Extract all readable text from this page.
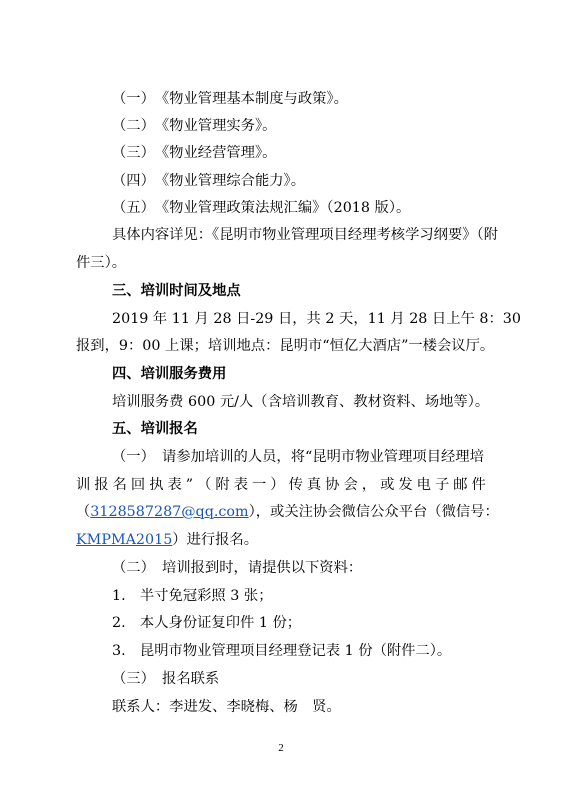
（一）　《物业管理基本制度与政策》。
（二）　《物业管理实务》。
（三）　《物业经营管理》。
（四）　《物业管理综合能力》。
（五）　《物业管理政策法规汇编》（2018 版）。
具体内容详见：《昆明市物业管理项目经理考核学习纲要》（附
件三）。
三、培训时间及地点
2019 年 11 月 28 日-29 日，共 2 天，11 月 28 日上午 8：30
报到，9：00 上课；培训地点：昆明市“恒亿大酒店”一楼会议厅。
四、培训服务费用
培训服务费 600 元/人（含培训教育、教材资料、场地等）。
五、培训报名
（一）　请参加培训的人员，将“昆明市物业管理项目经理培
训 报 名 回 执 表 ” （ 附 表 一 ） 传 真 协 会 ， 或 发 电 子 邮 件
（3128587287@qq.com），或关注协会微信公众平台（微信号：
KMPMA2015）进行报名。
（二）　培训报到时，请提供以下资料：
1.　半寸免冠彩照 3 张；
2.　本人身份证复印件 1 份；
3.　昆明市物业管理项目经理登记表 1 份（附件二）。
（三）　报名联系
联系人：李进发、李晓梅、杨　贤。
2
